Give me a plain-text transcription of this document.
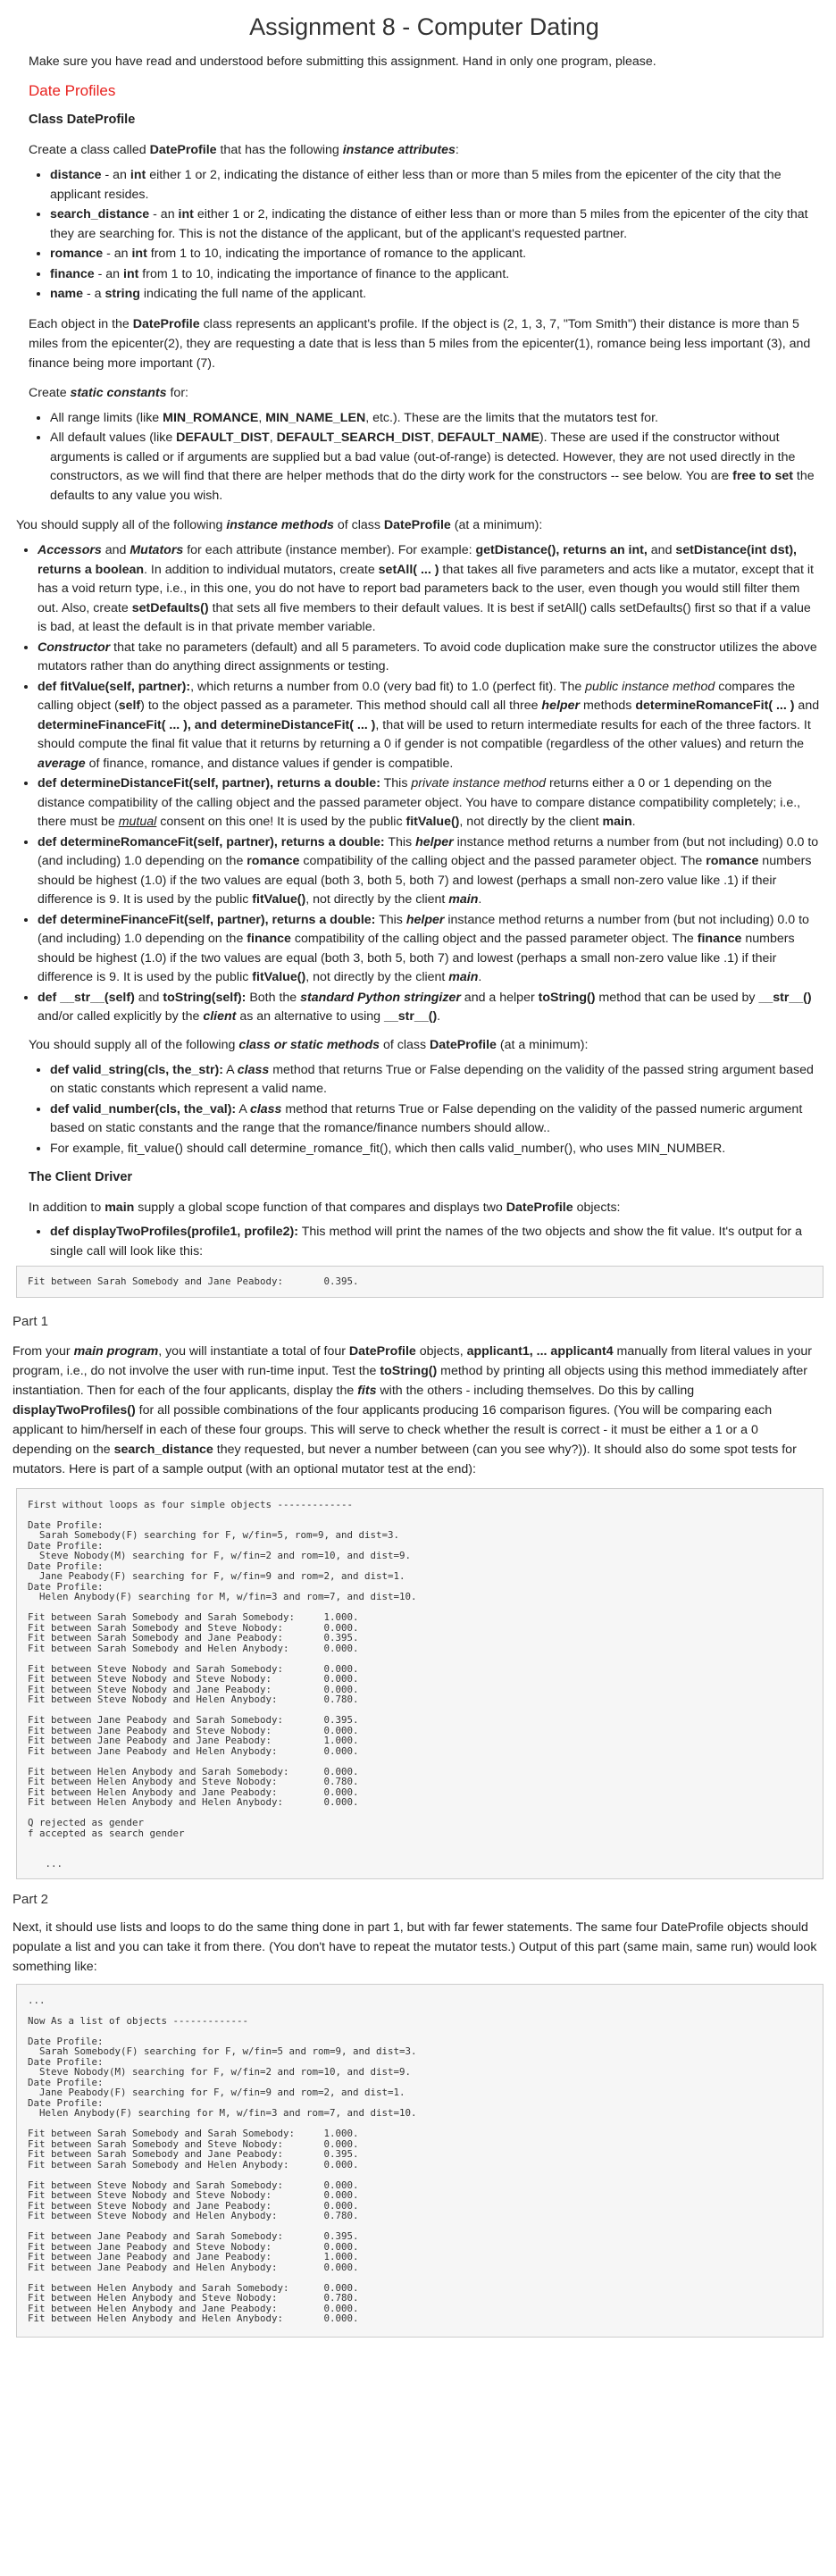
Assignment 8 - Computer Dating

Make sure you have read and understood before submitting this assignment. Hand in only one program, please.

Date Profiles

Class DateProfile

Create a class called DateProfile that has the following instance attributes:

• distance - an int either 1 or 2, indicating the distance of either less than or more than 5 miles from the epicenter of the city that the applicant resides.
• search_distance - an int either 1 or 2, indicating the distance of either less than or more than 5 miles from the epicenter of the city that they are searching for. This is not the distance of the applicant, but of the applicant's requested partner.
• romance - an int from 1 to 10, indicating the importance of romance to the applicant.
• finance - an int from 1 to 10, indicating the importance of finance to the applicant.
• name - a string indicating the full name of the applicant.

Each object in the DateProfile class represents an applicant's profile. If the object is (2, 1, 3, 7, "Tom Smith") their distance is more than 5 miles from the epicenter(2), they are requesting a date that is less than 5 miles from the epicenter(1), romance being less important (3), and finance being more important (7).

Create static constants for:

• All range limits (like MIN_ROMANCE, MIN_NAME_LEN, etc.). These are the limits that the mutators test for.
• All default values (like DEFAULT_DIST, DEFAULT_SEARCH_DIST, DEFAULT_NAME). These are used if the constructor without arguments is called or if arguments are supplied but a bad value (out-of-range) is detected. However, they are not used directly in the constructors, as we will find that there are helper methods that do the dirty work for the constructors -- see below. You are free to set the defaults to any value you wish.

You should supply all of the following instance methods of class DateProfile (at a minimum):

• Accessors and Mutators for each attribute (instance member). For example: getDistance(), returns an int, and setDistance(int dst), returns a boolean. In addition to individual mutators, create setAll( ... ) that takes all five parameters and acts like a mutator, except that it has a void return type, i.e., in this one, you do not have to report bad parameters back to the user, even though you would still filter them out. Also, create setDefaults() that sets all five members to their default values. It is best if setAll() calls setDefaults() first so that if a value is bad, at least the default is in that private member variable.
• Constructor that take no parameters (default) and all 5 parameters. To avoid code duplication make sure the constructor utilizes the above mutators rather than do anything direct assignments or testing.
• def fitValue(self, partner):, which returns a number from 0.0 (very bad fit) to 1.0 (perfect fit). The public instance method compares the calling object (self) to the object passed as a parameter. This method should call all three helper methods determineRomanceFit( ... ) and determineFinanceFit( ... ), and determineDistanceFit( ... ), that will be used to return intermediate results for each of the three factors. It should compute the final fit value that it returns by returning a 0 if gender is not compatible (regardless of the other values) and return the average of finance, romance, and distance values if gender is compatible.
• def determineDistanceFit(self, partner), returns a double: This private instance method returns either a 0 or 1 depending on the distance compatibility of the calling object and the passed parameter object. You have to compare distance compatibility completely; i.e., there must be mutual consent on this one! It is used by the public fitValue(), not directly by the client main.
• def determineRomanceFit(self, partner), returns a double: This helper instance method returns a number from (but not including) 0.0 to (and including) 1.0 depending on the romance compatibility of the calling object and the passed parameter object. The romance numbers should be highest (1.0) if the two values are equal (both 3, both 5, both 7) and lowest (perhaps a small non-zero value like .1) if their difference is 9. It is used by the public fitValue(), not directly by the client main.
• def determineFinanceFit(self, partner), returns a double: This helper instance method returns a number from (but not including) 0.0 to (and including) 1.0 depending on the finance compatibility of the calling object and the passed parameter object. The finance numbers should be highest (1.0) if the two values are equal (both 3, both 5, both 7) and lowest (perhaps a small non-zero value like .1) if their difference is 9. It is used by the public fitValue(), not directly by the client main.
• def __str__(self) and toString(self): Both the standard Python stringizer and a helper toString() method that can be used by __str__() and/or called explicitly by the client as an alternative to using __str__().

You should supply all of the following class or static methods of class DateProfile (at a minimum):

• def valid_string(cls, the_str): A class method that returns True or False depending on the validity of the passed string argument based on static constants which represent a valid name.
• def valid_number(cls, the_val): A class method that returns True or False depending on the validity of the passed numeric argument based on static constants and the range that the romance/finance numbers should allow..
• For example, fit_value() should call determine_romance_fit(), which then calls valid_number(), who uses MIN_NUMBER.

The Client Driver

In addition to main supply a global scope function of that compares and displays two DateProfile objects:

• def displayTwoProfiles(profile1, profile2): This method will print the names of the two objects and show the fit value. It's output for a single call will look like this:
Fit between Sarah Somebody and Jane Peabody:       0.395.
Part 1

From your main program, you will instantiate a total of four DateProfile objects, applicant1, ... applicant4 manually from literal values in your program, i.e., do not involve the user with run-time input. Test the toString() method by printing all objects using this method immediately after instantiation. Then for each of the four applicants, display the fits with the others - including themselves. Do this by calling displayTwoProfiles() for all possible combinations of the four applicants producing 16 comparison figures. (You will be comparing each applicant to him/herself in each of these four groups. This will serve to check whether the result is correct - it must be either a 1 or a 0 depending on the search_distance they requested, but never a number between (can you see why?)). It should also do some spot tests for mutators. Here is part of a sample output (with an optional mutator test at the end):

First without loops as four simple objects -------------

Date Profile:
Sarah Somebody(F) searching for F, w/fin=5, rom=9, and dist=3.
Date Profile:
Steve Nobody(M) searching for F, w/fin=2 and rom=10, and dist=9.
Date Profile:
Jane Peabody(F) searching for F, w/fin=9 and rom=2, and dist=1.
Date Profile:
Helen Anybody(F) searching for M, w/fin=3 and rom=7, and dist=10.

Fit between Sarah Somebody and Sarah Somebody:     1.000.
Fit between Sarah Somebody and Steve Nobody:       0.000.
Fit between Sarah Somebody and Jane Peabody:       0.395.
Fit between Sarah Somebody and Helen Anybody:      0.000.

Fit between Steve Nobody and Sarah Somebody:       0.000.
Fit between Steve Nobody and Steve Nobody:         0.000.
Fit between Steve Nobody and Jane Peabody:         0.000.
Fit between Steve Nobody and Helen Anybody:        0.780.

Fit between Jane Peabody and Sarah Somebody:       0.395.
Fit between Jane Peabody and Steve Nobody:         0.000.
Fit between Jane Peabody and Jane Peabody:         1.000.
Fit between Jane Peabody and Helen Anybody:        0.000.

Fit between Helen Anybody and Sarah Somebody:      0.000.
Fit between Helen Anybody and Steve Nobody:        0.780.
Fit between Helen Anybody and Jane Peabody:        0.000.
Fit between Helen Anybody and Helen Anybody:       0.000.

Q rejected as gender
f accepted as search gender

...
Part 2

Next, it should use lists and loops to do the same thing done in part 1, but with far fewer statements. The same four DateProfile objects should populate a list and you can take it from there. (You don't have to repeat the mutator tests.) Output of this part (same main, same run) would look something like:

...

Now As a list of objects -------------

Date Profile:
Sarah Somebody(F) searching for F, w/fin=5 and rom=9, and dist=3.
Date Profile:
Steve Nobody(M) searching for F, w/fin=2 and rom=10, and dist=9.
Date Profile:
Jane Peabody(F) searching for F, w/fin=9 and rom=2, and dist=1.
Date Profile:
Helen Anybody(F) searching for M, w/fin=3 and rom=7, and dist=10.

Fit between Sarah Somebody and Sarah Somebody:     1.000.
Fit between Sarah Somebody and Steve Nobody:       0.000.
Fit between Sarah Somebody and Jane Peabody:       0.395.
Fit between Sarah Somebody and Helen Anybody:      0.000.

Fit between Steve Nobody and Sarah Somebody:       0.000.
Fit between Steve Nobody and Steve Nobody:         0.000.
Fit between Steve Nobody and Jane Peabody:         0.000.
Fit between Steve Nobody and Helen Anybody:        0.780.

Fit between Jane Peabody and Sarah Somebody:       0.395.
Fit between Jane Peabody and Steve Nobody:         0.000.
Fit between Jane Peabody and Jane Peabody:         1.000.
Fit between Jane Peabody and Helen Anybody:        0.000.

Fit between Helen Anybody and Sarah Somebody:      0.000.
Fit between Helen Anybody and Steve Nobody:        0.780.
Fit between Helen Anybody and Jane Peabody:        0.000.
Fit between Helen Anybody and Helen Anybody:       0.000.
